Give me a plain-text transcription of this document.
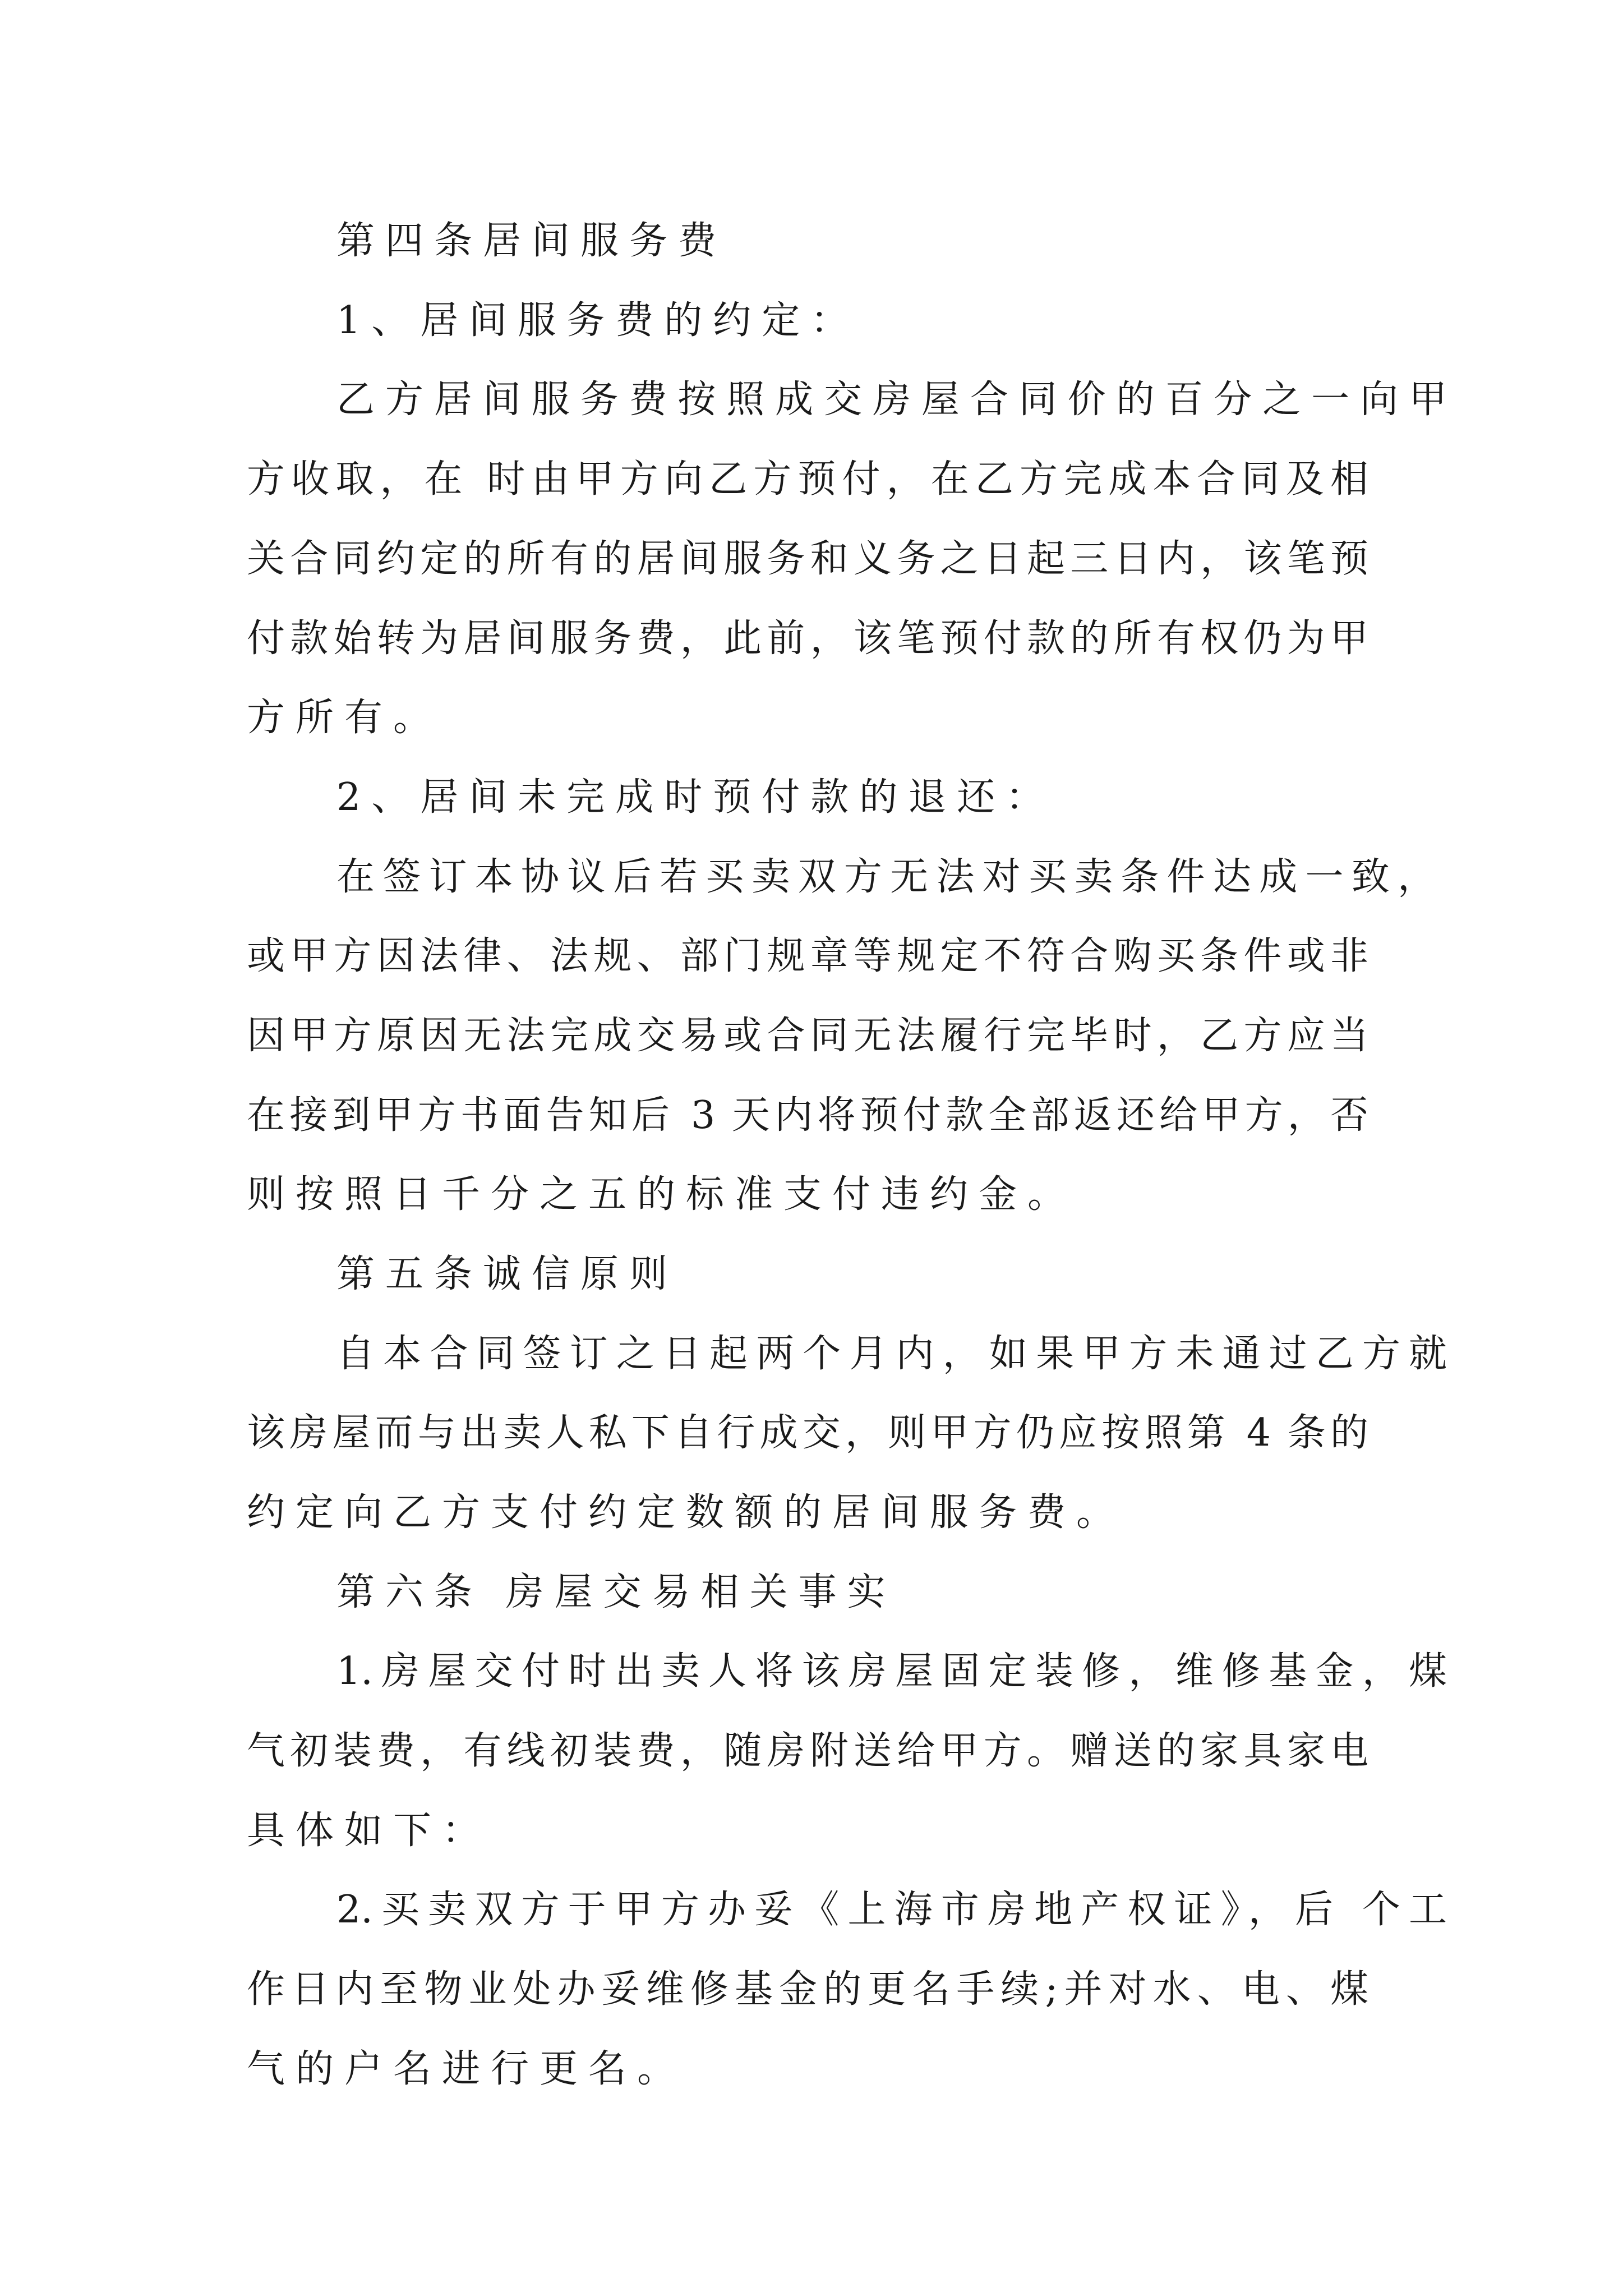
第四条居间服务费
1、居间服务费的约定：
乙方居间服务费按照成交房屋合同价的百分之一向甲
方收取，在 时由甲方向乙方预付，在乙方完成本合同及相
关合同约定的所有的居间服务和义务之日起三日内，该笔预
付款始转为居间服务费，此前，该笔预付款的所有权仍为甲
方所有。
2、居间未完成时预付款的退还：
在签订本协议后若买卖双方无法对买卖条件达成一致，
或甲方因法律、法规、部门规章等规定不符合购买条件或非
因甲方原因无法完成交易或合同无法履行完毕时，乙方应当
在接到甲方书面告知后 3 天内将预付款全部返还给甲方，否
则按照日千分之五的标准支付违约金。
第五条诚信原则
自本合同签订之日起两个月内，如果甲方未通过乙方就
该房屋而与出卖人私下自行成交，则甲方仍应按照第 4 条的
约定向乙方支付约定数额的居间服务费。
第六条 房屋交易相关事实
1.房屋交付时出卖人将该房屋固定装修，维修基金，煤
气初装费，有线初装费，随房附送给甲方。赠送的家具家电
具体如下：
2.买卖双方于甲方办妥《上海市房地产权证》，后 个工
作日内至物业处办妥维修基金的更名手续;并对水、电、煤
气的户名进行更名。
